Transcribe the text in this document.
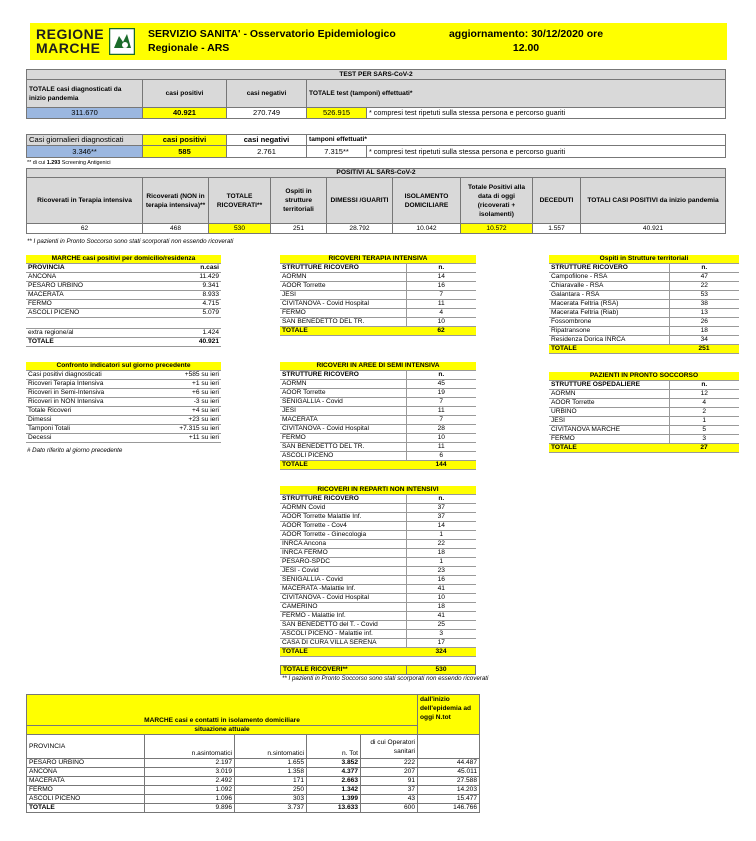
REGIONE
MARCHE
SERVIZIO SANITA' - Osservatorio Epidemiologico
Regionale - ARS
aggiornamento: 30/12/2020 ore
12.00
TEST PER SARS-CoV-2				
TOTALE casi diagnosticati da inizio pandemia	casi positivi	casi negativi	TOTALE test (tamponi) effettuati*	
311.670	40.921	270.749	526.915	* compresi test ripetuti sulla stessa persona e percorso guariti
Casi giornalieri diagnosticati	casi positivi	casi negativi	tamponi effettuati*	
3.346**	585	2.761	7.315**	* compresi test ripetuti sulla stessa persona e percorso guariti
** di cui 1.293 Screening Antigenici
POSITIVI AL SARS-CoV-2								
Ricoverati in Terapia intensiva	Ricoverati (NON in terapia intensiva)**	TOTALE RICOVERATI**	Ospiti in strutture territoriali	DIMESSI /GUARITI	ISOLAMENTO DOMICILIARE	Totale Positivi alla data di oggi (ricoverati + isolamenti)	DECEDUTI	TOTALI CASI POSITIVI da inizio pandemia
62	468	530	251	28.792	10.042	10.572	1.557	40.921
** I pazienti in Pronto Soccorso sono stati scorporati non essendo ricoverati
MARCHE casi positivi per domicilio/residenza	
PROVINCIA	n.casi
ANCONA	11.429
PESARO URBINO	9.341
MACERATA	8.933
FERMO	4.715
ASCOLI PICENO	5.079

extra regione/al	1.424
TOTALE	40.921
Confronto indicatori sul giorno precedente	
Casi positivi diagnosticati	+585 su ieri
Ricoveri Terapia Intensiva	+1 su ieri
Ricoveri in Semi-Intensiva	+6 su ieri
Ricoveri in NON Intensiva	-3 su ieri
Totale Ricoveri	+4 su ieri
Dimessi	+23 su ieri
Tamponi Totali	+7.315 su ieri
Decessi	+11 su ieri
# Dato riferito al giorno precedente
RICOVERI TERAPIA INTENSIVA	
STRUTTURE RICOVERO	n.
AORMN	14
AOOR Torrette	16
JESI	7
CIVITANOVA - Covid Hospital	11
FERMO	4
SAN BENEDETTO DEL TR.	10
TOTALE	62
RICOVERI IN AREE DI SEMI INTENSIVA	
STRUTTURE RICOVERO	n.
AORMN	45
AOOR Torrette	19
SENIGALLIA - Covid	7
JESI	11
MACERATA	7
CIVITANOVA - Covid Hospital	28
FERMO	10
SAN BENEDETTO DEL TR.	11
ASCOLI PICENO	6
TOTALE	144
RICOVERI IN REPARTI NON INTENSIVI	
STRUTTURE RICOVERO	n.
AORMN Covid	37
AOOR Torrette Malattie Inf.	37
AOOR Torrette - Cov4	14
AOOR Torrette - Ginecologia	1
INRCA Ancona	22
INRCA FERMO	18
PESARO-SPDC	1
JESI - Covid	23
SENIGALLIA - Covid	16
MACERATA -Malattie Inf.	41
CIVITANOVA - Covid Hospital	10
CAMERINO	18
FERMO - Malattie Inf.	41
SAN BENEDETTO del T. - Covid	25
ASCOLI PICENO - Malattie inf.	3
CASA DI CURA VILLA SERENA	17
TOTALE	324
TOTALE RICOVERI**	530
** I pazienti in Pronto Soccorso sono stati scorporati non essendo ricoverati
Ospiti in Strutture territoriali	
STRUTTURE RICOVERO	n.
Campofilone - RSA	47
Chiaravalle - RSA	22
Galantara - RSA	53
Macerata Feltria (RSA)	38
Macerata Feltria (Riab)	13
Fossombrone	26
Ripatransone	18
Residenza Dorica INRCA	34
TOTALE	251
PAZIENTI IN PRONTO SOCCORSO	
STRUTTURE OSPEDALIERE	n.
AORMN	12
AOOR Torrette	4
URBINO	2
JESI	1
CIVITANOVA MARCHE	5
FERMO	3
TOTALE	27
MARCHE casi e contatti in isolamento domiciliare					dall'inizio dell'epidemia ad oggi N.tot
situazione attuale					
PROVINCIA	n.asintomatici	n.sintomatici	n. Tot	di cui Operatori sanitari	
PESARO URBINO	2.197	1.655	3.852	222	44.487
ANCONA	3.019	1.358	4.377	207	45.011
MACERATA	2.492	171	2.663	91	27.588
FERMO	1.092	250	1.342	37	14.203
ASCOLI PICENO	1.096	303	1.399	43	15.477
TOTALE	9.896	3.737	13.633	600	146.766
